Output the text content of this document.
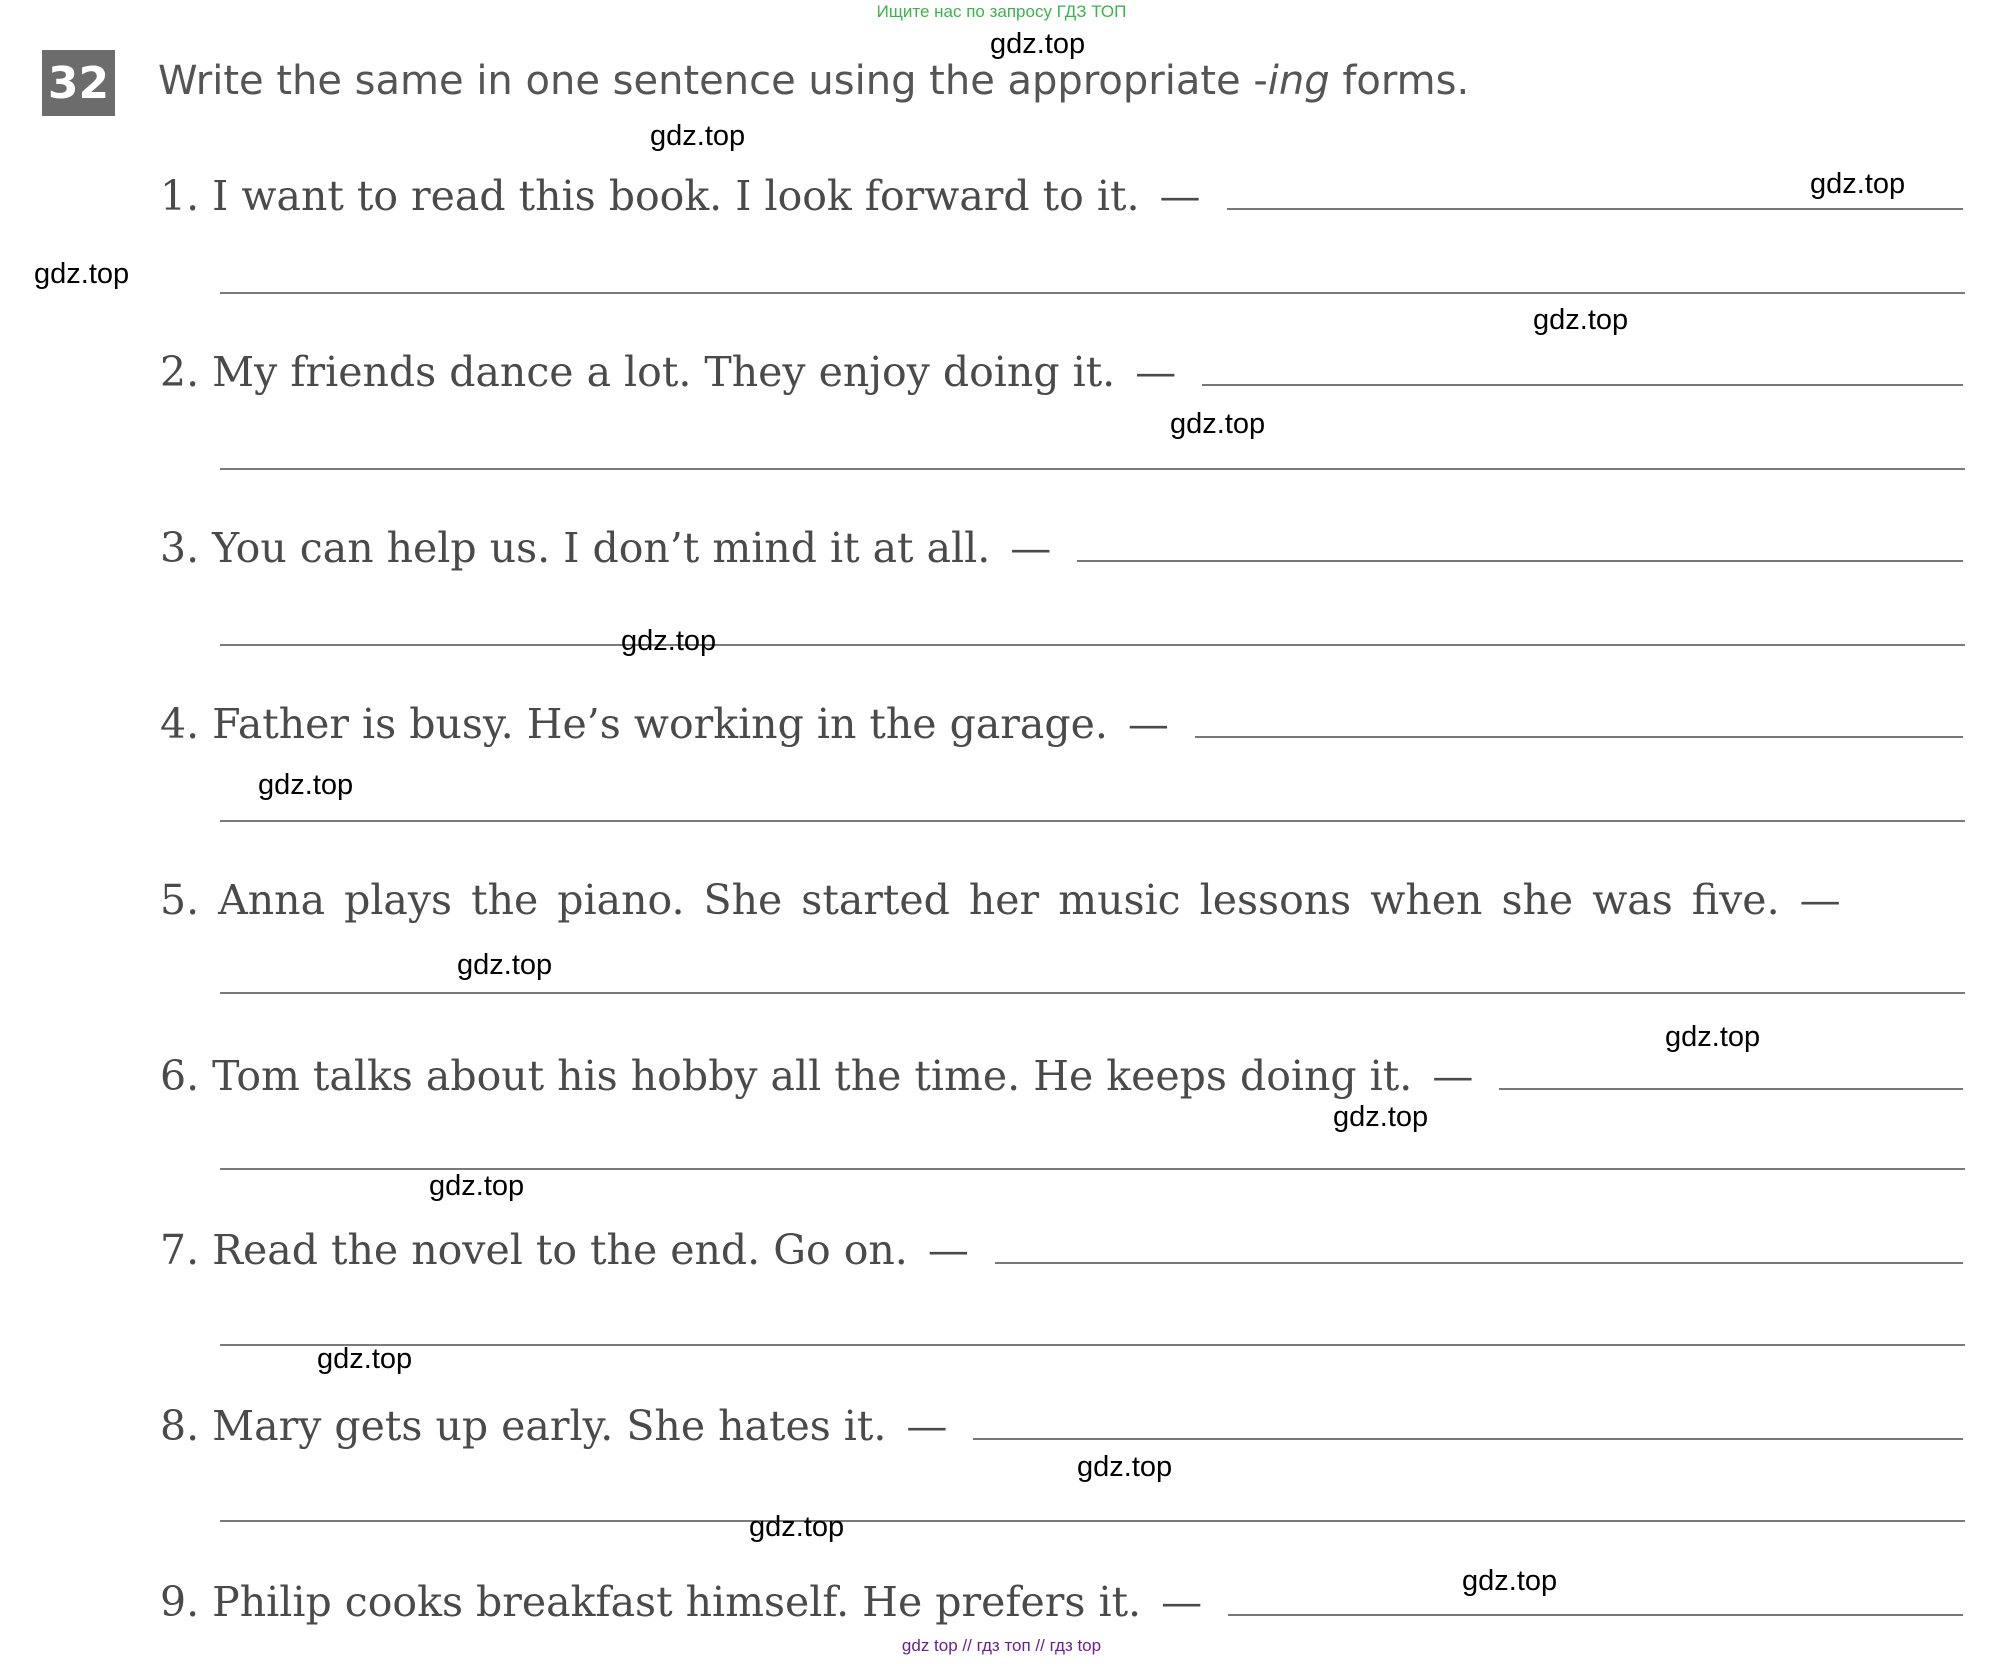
Ищите нас по запросу ГДЗ ТОП
32 Write the same in one sentence using the appropriate -ing forms.
1. I want to read this book. I look forward to it. —
2. My friends dance a lot. They enjoy doing it. —
3. You can help us. I don’t mind it at all. —
4. Father is busy. He’s working in the garage. —
5. Anna plays the piano. She started her music lessons when she was five. —
6. Tom talks about his hobby all the time. He keeps doing it. —
7. Read the novel to the end. Go on. —
8. Mary gets up early. She hates it. —
9. Philip cooks breakfast himself. He prefers it. —
gdz.top
gdz.top
gdz.top
gdz.top
gdz.top
gdz.top
gdz.top
gdz.top
gdz.top
gdz.top
gdz.top
gdz.top
gdz.top
gdz.top
gdz.top
gdz.top
gdz top // гдз топ // гдз top
